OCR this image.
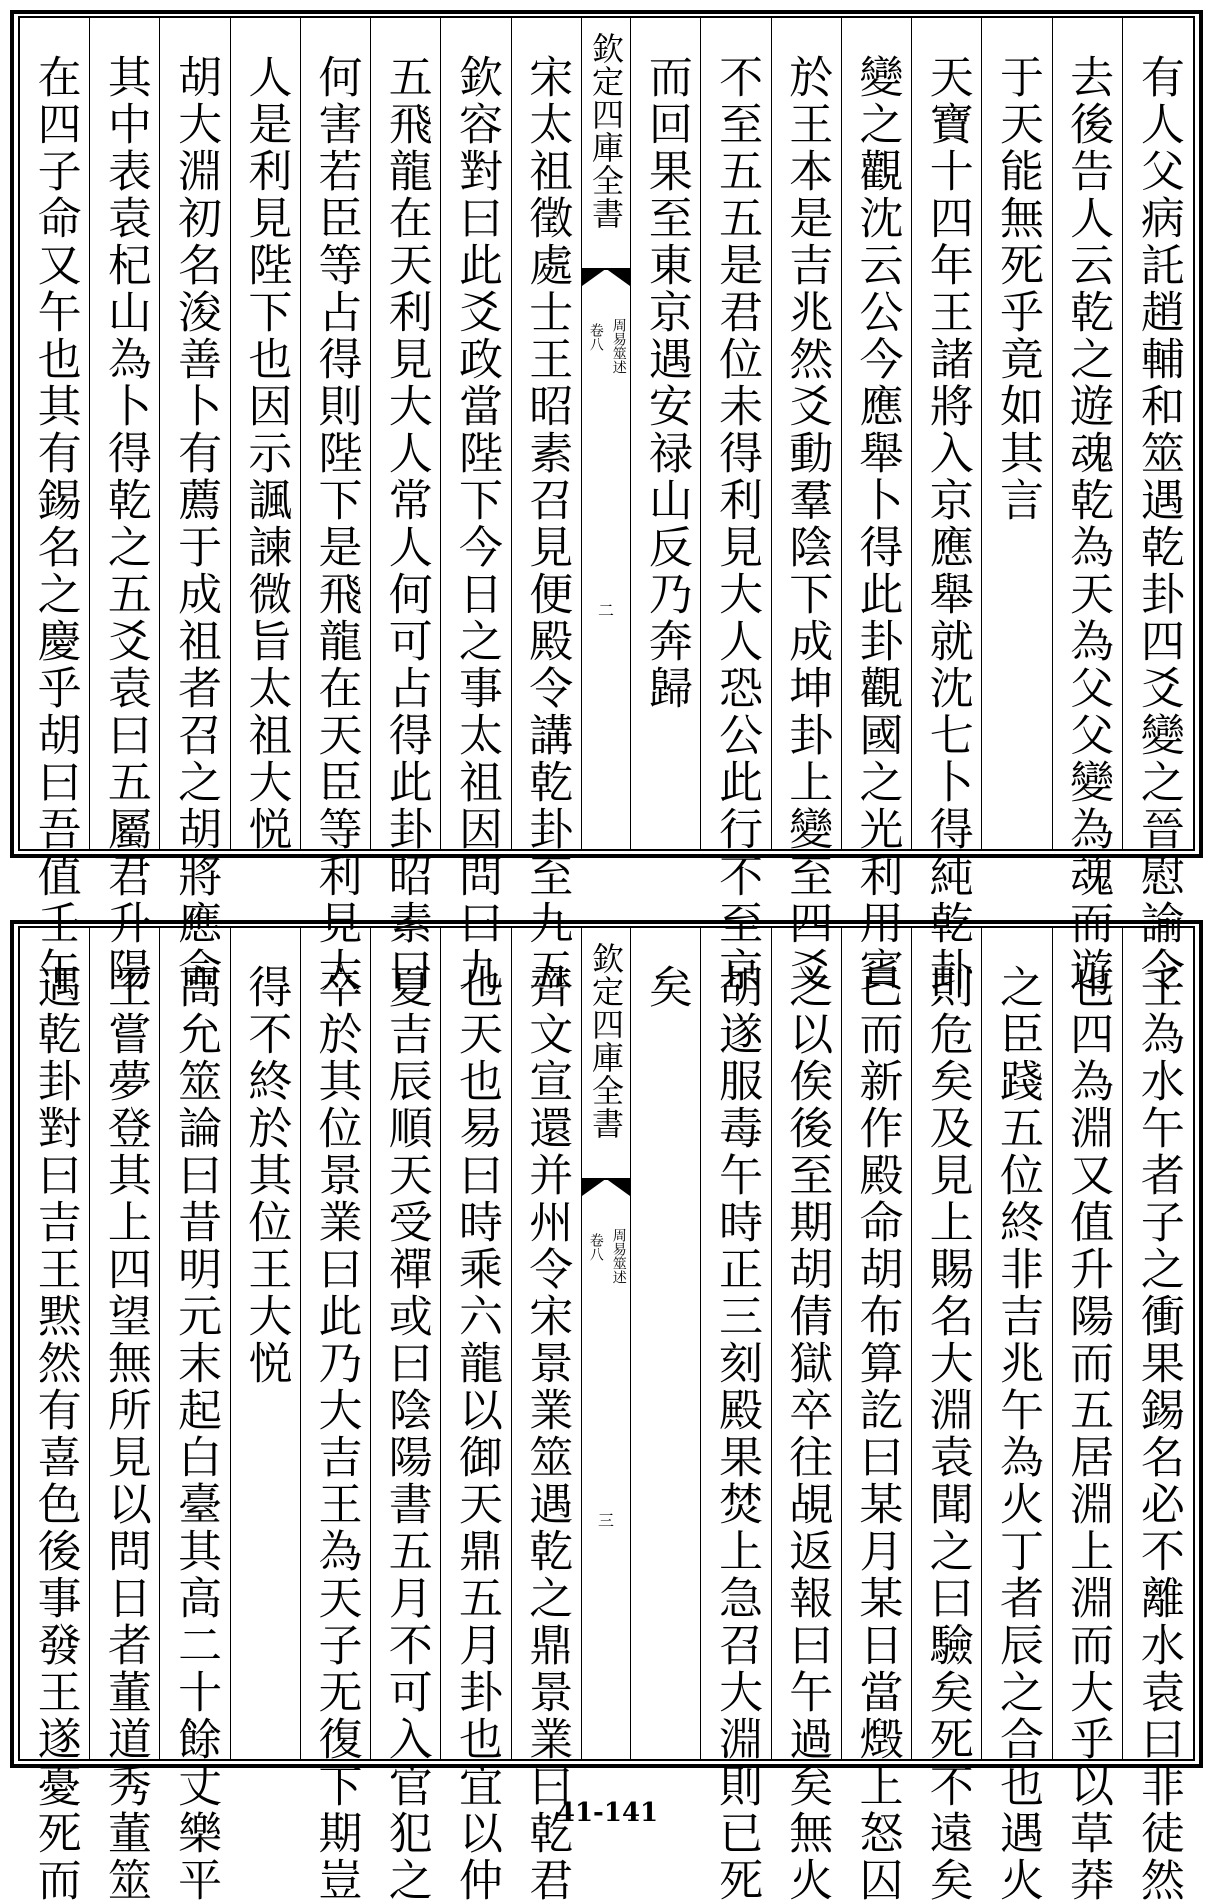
有人父病託趙輔和筮遇乾卦四爻變之晉慰諭令
去後告人云乾之遊魂乾為天為父父變為魂而遊
于天能無死乎竟如其言
天寶十四年王諸將入京應舉就沈七卜得純乾卦
變之觀沈云公今應舉卜得此卦觀國之光利用賓
於王本是吉兆然爻動羣陰下成坤卦上變至四爻
不至五五是君位未得利見大人恐公此行不至京
而回果至東京遇安禄山反乃奔歸
欽定四庫全書
周易筮述
卷八
二
宋太祖徵處士王昭素召見便殿令講乾卦至九五
欽容對曰此爻政當陛下今日之事太祖因問曰九
五飛龍在天利見大人常人何可占得此卦昭素曰
何害若臣等占得則陛下是飛龍在天臣等利見大
人是利見陛下也因示諷諫微旨太祖大悦
胡大淵初名浚善卜有薦于成祖者召之胡將應命
其中表袁杞山為卜得乾之五爻袁曰五屬君升陽
在四子命又午也其有錫名之慶乎胡曰吾值壬午
壬為水午者子之衝果錫名必不離水袁曰非徒然
也四為淵又值升陽而五居淵上淵而大乎以草莽
之臣踐五位終非吉兆午為火丁者辰之合也遇火
則危矣及見上賜名大淵袁聞之曰驗矣死不遠矣
已而新作殿命胡布算訖曰某月某日當燬上怒囚
之以俟後至期胡倩獄卒往覘返報曰午過矣無火
胡遂服毒午時正三刻殿果焚上急召大淵則已死
矣
欽定四庫全書
周易筮述
卷八
三
齊文宣還并州令宋景業筮遇乾之鼎景業曰乾君
也天也易曰時乘六龍以御天鼎五月卦也宜以仲
夏吉辰順天受禪或曰陰陽書五月不可入官犯之
卒於其位景業曰此乃大吉王為天子无復下期豈
得不終於其位王大悦
高允筮論曰昔明元末起白臺其高二十餘丈樂平
王嘗夢登其上四望無所見以問日者董道秀董筮
遇乾卦對曰吉王黙然有喜色後事發王遂憂死而	41-141
